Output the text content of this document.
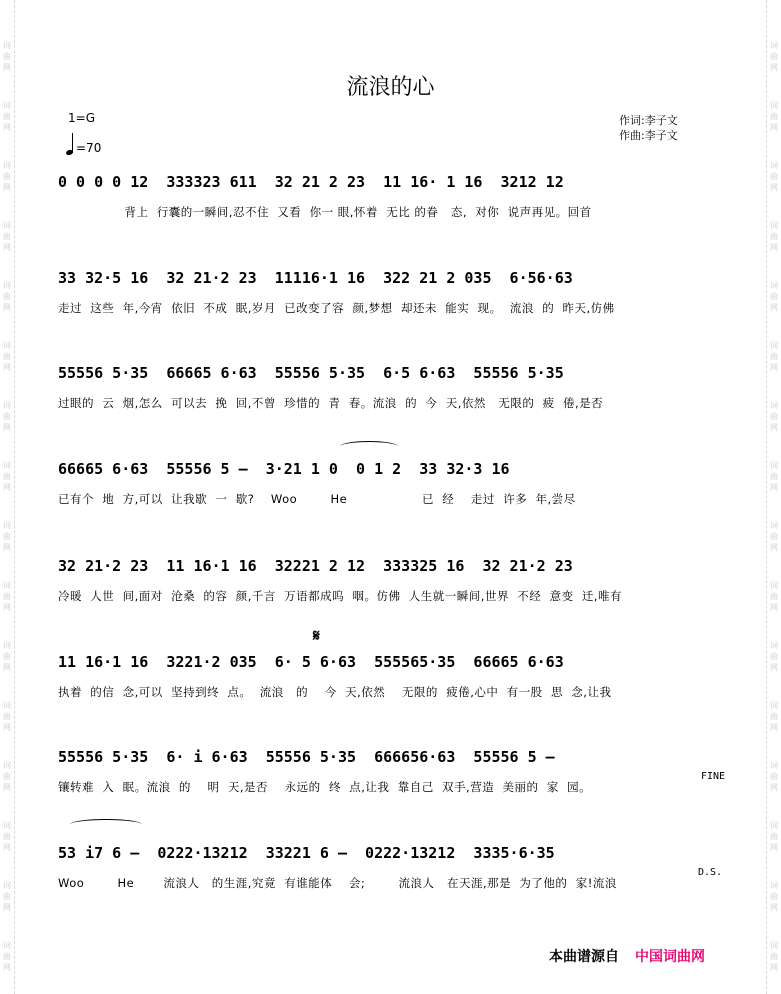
词曲网
词曲网
词曲网
词曲网
词曲网
词曲网
词曲网
词曲网
词曲网
词曲网
词曲网
词曲网
词曲网
词曲网
词曲网
词曲网
词曲网
词曲网
词曲网
词曲网
词曲网
词曲网
词曲网
词曲网
词曲网
词曲网
词曲网
词曲网
词曲网
词曲网
词曲网
词曲网
流浪的心
1=G
=70
作词:李子文
作曲:李子文
0 0 0 0 12  333323 611  32 21 2 23  11 16· 1 16  3212 12
背上  行囊的一瞬间,忍不住  又看  你一 眼,怀着  无比 的眷   态,  对你  说声再见。回首
33 32·5 16  32 21·2 23  11116·1 16  322 21 2 035  6·56·63
走过  这些  年,今宵  依旧  不成  眠,岁月  已改变了容  颜,梦想  却还未  能实  现。  流浪  的  昨天,仿佛
55556 5·35  66665 6·63  55556 5·35  6·5 6·63  55556 5·35
过眼的  云  烟,怎么  可以去  挽  回,不曾  珍惜的  青  春。流浪  的  今  天,依然   无限的  疲  倦,是否
66665 6·63  55556 5 –  3·21 1 0  0 1 2  33 32·3 16
已有个  地  方,可以  让我歇  一  歇?    Woo        He                  已  经    走过  许多  年,尝尽
32 21·2 23  11 16·1 16  32221 2 12  333325 16  32 21·2 23
冷暖  人世  间,面对  沧桑  的容  颜,千言  万语都成呜  咽。仿佛  人生就一瞬间,世界  不经  意变  迁,唯有
𝄋
11 16·1 16  3221·2 035  6· 5 6·63  555565·35  66665 6·63
执着  的信  念,可以  坚持到终  点。  流浪   的    今  天,依然    无限的  疲倦,心中  有一股  思  念,让我
55556 5·35  6· i 6·63  55556 5·35  666656·63  55556 5 –
镶转难  入  眠。流浪  的    明  天,是否    永远的  终  点,让我  靠自己  双手,营造  美丽的  家  园。
FINE
53 i7 6 –  0222·13212  33221 6 –  0222·13212  3335·6·35
Woo        He       流浪人   的生涯,究竟  有谁能体    会;        流浪人   在天涯,那是  为了他的  家!流浪
D.S.
本曲谱源自 中国词曲网
